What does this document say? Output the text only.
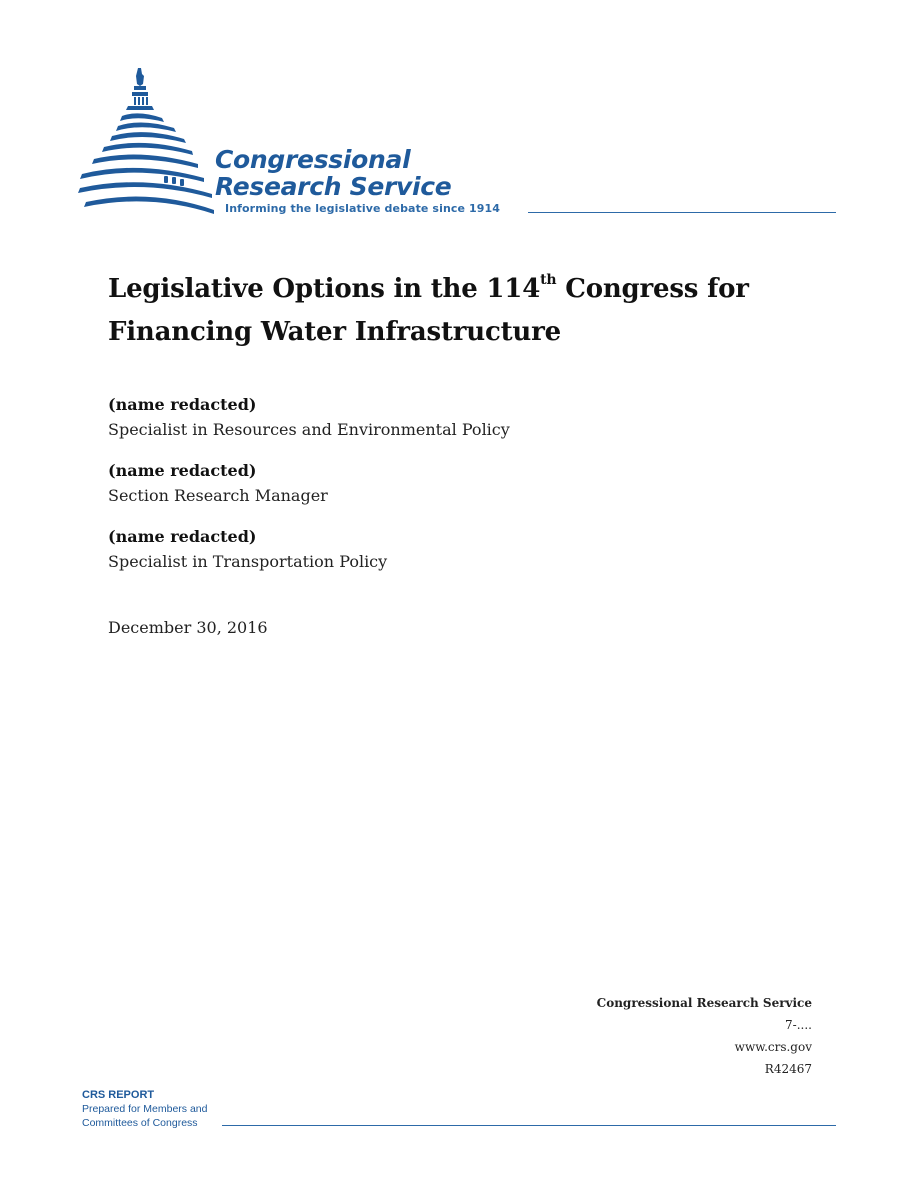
Congressional
Research Service
Informing the legislative debate since 1914
Legislative Options in the 114th Congress for Financing Water Infrastructure
(name redacted)
Specialist in Resources and Environmental Policy
(name redacted)
Section Research Manager
(name redacted)
Specialist in Transportation Policy
December 30, 2016
Congressional Research Service
7-....
www.crs.gov
R42467
CRS REPORT
Prepared for Members and
Committees of Congress
